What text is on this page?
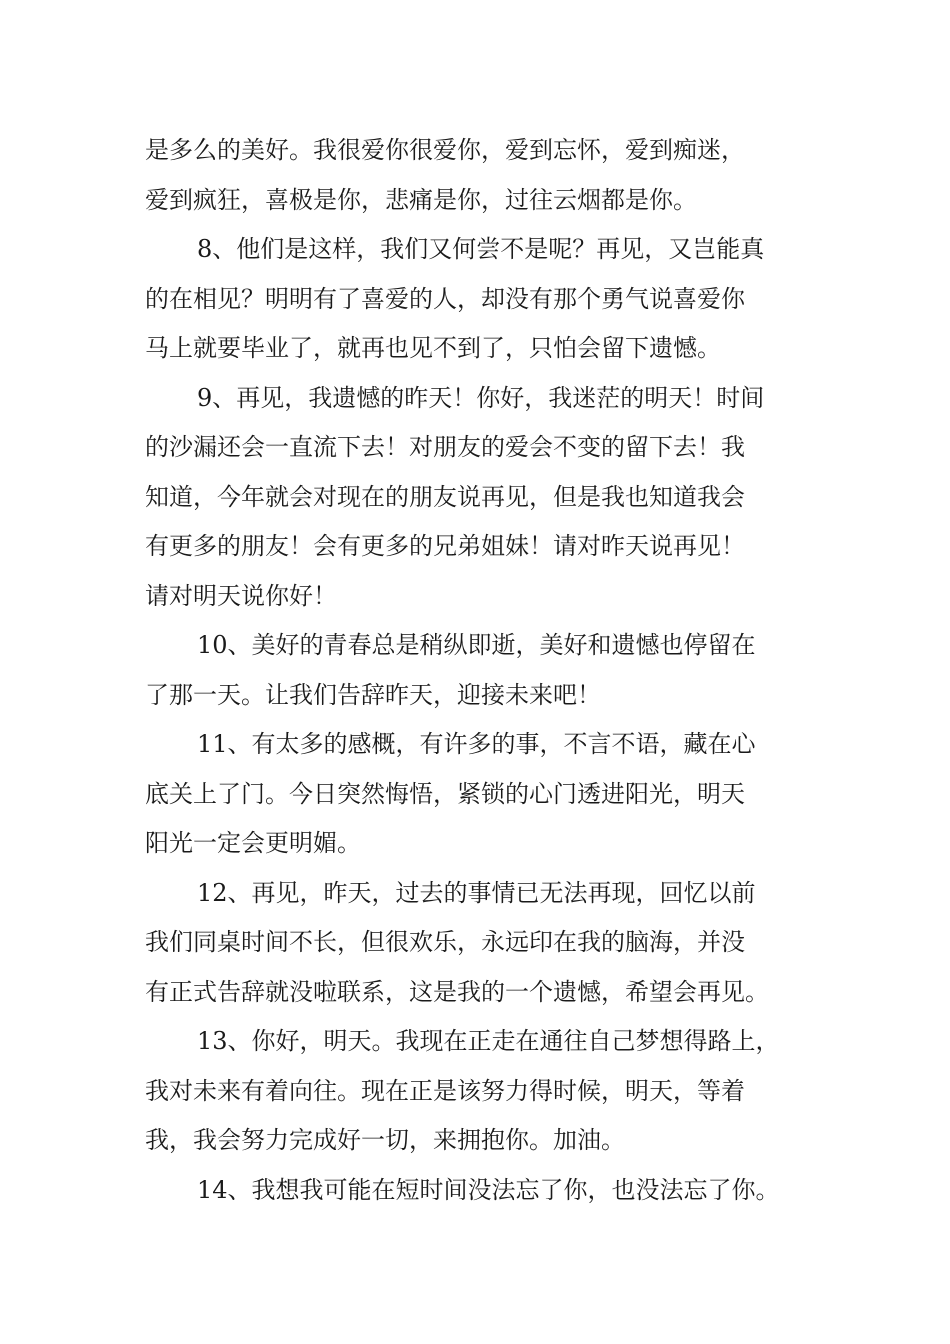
是多么的美好。我很爱你很爱你，爱到忘怀，爱到痴迷，
爱到疯狂，喜极是你，悲痛是你，过往云烟都是你。
8、他们是这样，我们又何尝不是呢？再见，又岂能真
的在相见？明明有了喜爱的人，却没有那个勇气说喜爱你
马上就要毕业了，就再也见不到了，只怕会留下遗憾。
9、再见，我遗憾的昨天！你好，我迷茫的明天！时间
的沙漏还会一直流下去！对朋友的爱会不变的留下去！我
知道，今年就会对现在的朋友说再见，但是我也知道我会
有更多的朋友！会有更多的兄弟姐妹！请对昨天说再见！
请对明天说你好！
10、美好的青春总是稍纵即逝，美好和遗憾也停留在
了那一天。让我们告辞昨天，迎接未来吧！
11、有太多的感概，有许多的事，不言不语，藏在心
底关上了门。今日突然悔悟，紧锁的心门透进阳光，明天
阳光一定会更明媚。
12、再见，昨天，过去的事情已无法再现，回忆以前
我们同桌时间不长，但很欢乐，永远印在我的脑海，并没
有正式告辞就没啦联系，这是我的一个遗憾，希望会再见。
13、你好，明天。我现在正走在通往自己梦想得路上，
我对未来有着向往。现在正是该努力得时候，明天，等着
我，我会努力完成好一切，来拥抱你。加油。
14、我想我可能在短时间没法忘了你，也没法忘了你。
